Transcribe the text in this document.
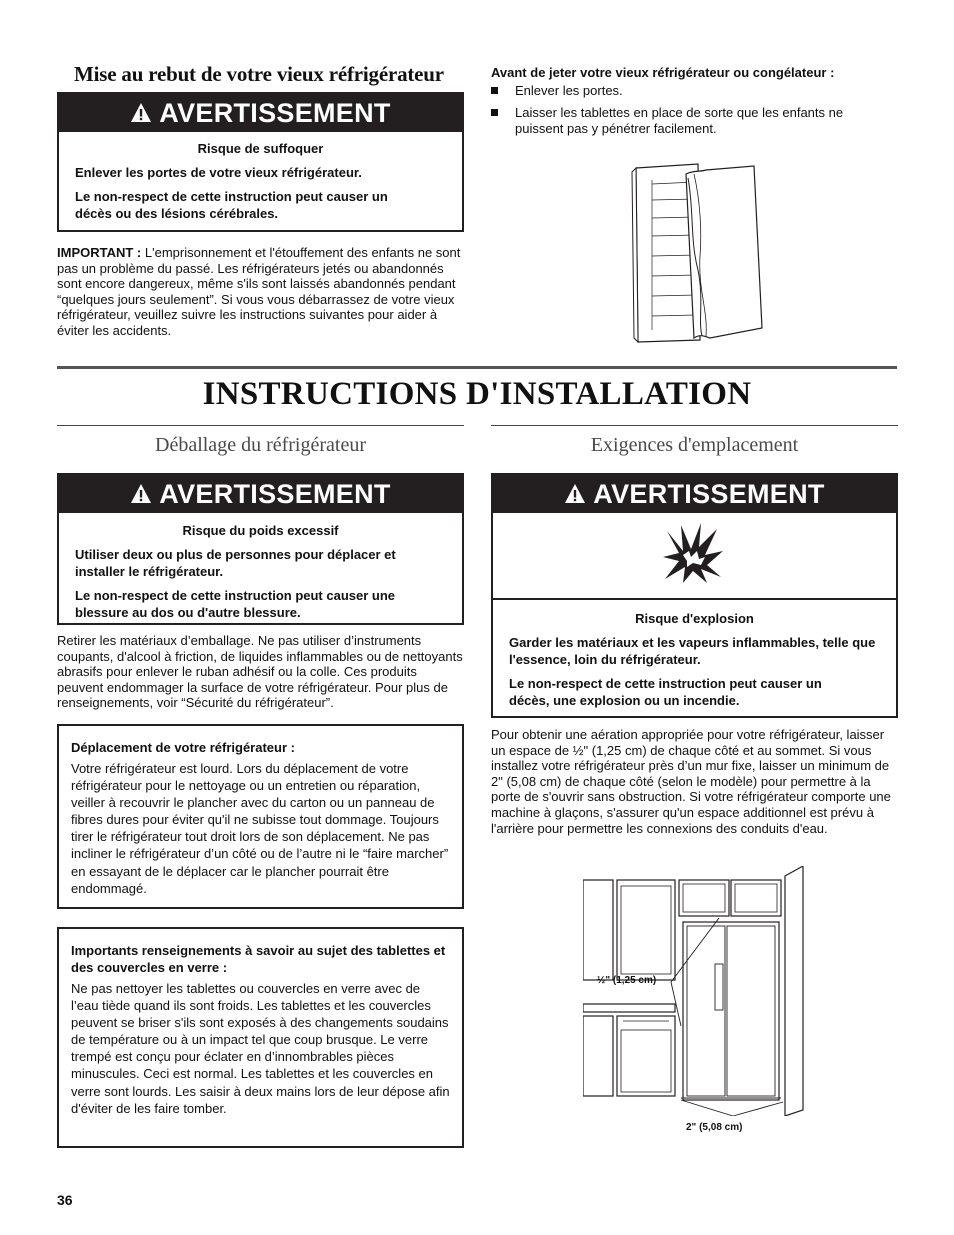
Mise au rebut de votre vieux réfrigérateur
AVERTISSEMENT
Risque de suffoquer

Enlever les portes de votre vieux réfrigérateur.

Le non-respect de cette instruction peut causer un décès ou des lésions cérébrales.

IMPORTANT : L'emprisonnement et l'étouffement des enfants ne sont pas un problème du passé. Les réfrigérateurs jetés ou abandonnés sont encore dangereux, même s'ils sont laissés abandonnés pendant “quelques jours seulement”. Si vous vous débarrassez de votre vieux réfrigérateur, veuillez suivre les instructions suivantes pour aider à éviter les accidents.
Avant de jeter votre vieux réfrigérateur ou congélateur :
Enlever les portes.
Laisser les tablettes en place de sorte que les enfants ne puissent pas y pénétrer facilement.
INSTRUCTIONS D'INSTALLATION
Déballage du réfrigérateur
AVERTISSEMENT
Risque du poids excessif

Utiliser deux ou plus de personnes pour déplacer et installer le réfrigérateur.

Le non-respect de cette instruction peut causer une blessure au dos ou d'autre blessure.

Retirer les matériaux d’emballage. Ne pas utiliser d’instruments coupants, d'alcool à friction, de liquides inflammables ou de nettoyants abrasifs pour enlever le ruban adhésif ou la colle. Ces produits peuvent endommager la surface de votre réfrigérateur. Pour plus de renseignements, voir “Sécurité du réfrigérateur”.
Déplacement de votre réfrigérateur :
Votre réfrigérateur est lourd. Lors du déplacement de votre réfrigérateur pour le nettoyage ou un entretien ou réparation, veiller à recouvrir le plancher avec du carton ou un panneau de fibres dures pour éviter qu'il ne subisse tout dommage. Toujours tirer le réfrigérateur tout droit lors de son déplacement. Ne pas incliner le réfrigérateur d’un côté ou de l’autre ni le “faire marcher” en essayant de le déplacer car le plancher pourrait être endommagé.
Importants renseignements à savoir au sujet des tablettes et des couvercles en verre :
Ne pas nettoyer les tablettes ou couvercles en verre avec de l’eau tiède quand ils sont froids. Les tablettes et les couvercles peuvent se briser s'ils sont exposés à des changements soudains de température ou à un impact tel que coup brusque. Le verre trempé est conçu pour éclater en d’innombrables pièces minuscules. Ceci est normal. Les tablettes et les couvercles en verre sont lourds. Les saisir à deux mains lors de leur dépose afin d'éviter de les faire tomber.
Exigences d'emplacement
AVERTISSEMENT
Risque d'explosion

Garder les matériaux et les vapeurs inflammables, telle que l'essence, loin du réfrigérateur.

Le non-respect de cette instruction peut causer un décès, une explosion ou un incendie.

Pour obtenir une aération appropriée pour votre réfrigérateur, laisser un espace de ½" (1,25 cm) de chaque côté et au sommet. Si vous installez votre réfrigérateur près d’un mur fixe, laisser un minimum de 2" (5,08 cm) de chaque côté (selon le modèle) pour permettre à la porte de s'ouvrir sans obstruction. Si votre réfrigérateur comporte une machine à glaçons, s'assurer qu'un espace additionnel est prévu à l'arrière pour permettre les connexions des conduits d'eau.
½" (1,25 cm)
2" (5,08 cm)
36
